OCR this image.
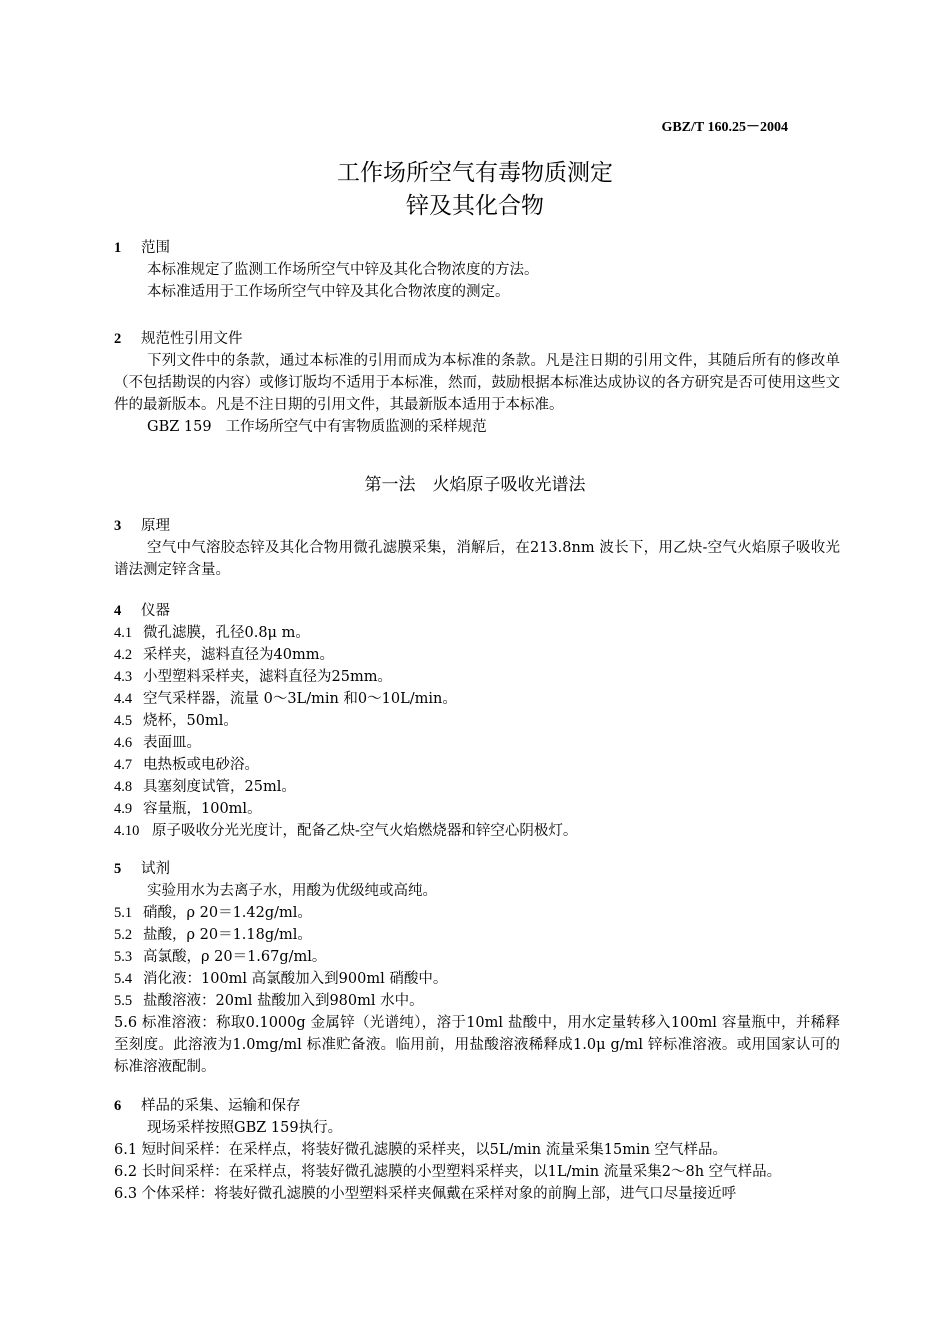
GBZ/T 160.25－2004
工作场所空气有毒物质测定
锌及其化合物
1	范围
本标准规定了监测工作场所空气中锌及其化合物浓度的方法。
本标准适用于工作场所空气中锌及其化合物浓度的测定。
2	规范性引用文件
下列文件中的条款，通过本标准的引用而成为本标准的条款。凡是注日期的引用文件，其随后所有的修改单（不包括勘误的内容）或修订版均不适用于本标准，然而，鼓励根据本标准达成协议的各方研究是否可使用这些文件的最新版本。凡是不注日期的引用文件，其最新版本适用于本标准。
GBZ 159 工作场所空气中有害物质监测的采样规范
第一法　火焰原子吸收光谱法
3	原理
空气中气溶胶态锌及其化合物用微孔滤膜采集，消解后，在213.8nm 波长下，用乙炔-空气火焰原子吸收光谱法测定锌含量。
4	仪器
4.1 微孔滤膜，孔径0.8μ m。
4.2 采样夹，滤料直径为40mm。
4.3 小型塑料采样夹，滤料直径为25mm。
4.4 空气采样器，流量 0～3L/min 和0～10L/min。
4.5 烧杯，50ml。
4.6 表面皿。
4.7 电热板或电砂浴。
4.8 具塞刻度试管，25ml。
4.9 容量瓶，100ml。
4.10 原子吸收分光光度计，配备乙炔-空气火焰燃烧器和锌空心阴极灯。
5	试剂
实验用水为去离子水，用酸为优级纯或高纯。
5.1 硝酸，ρ 20＝1.42g/ml。
5.2 盐酸，ρ 20＝1.18g/ml。
5.3 高氯酸，ρ 20＝1.67g/ml。
5.4 消化液：100ml 高氯酸加入到900ml 硝酸中。
5.5 盐酸溶液：20ml 盐酸加入到980ml 水中。
5.6 标准溶液：称取0.1000g 金属锌（光谱纯），溶于10ml 盐酸中，用水定量转移入100ml 容量瓶中，并稀释至刻度。此溶液为1.0mg/ml 标准贮备液。临用前，用盐酸溶液稀释成1.0μ g/ml 锌标准溶液。或用国家认可的标准溶液配制。
6	样品的采集、运输和保存
现场采样按照GBZ 159执行。
6.1 短时间采样：在采样点，将装好微孔滤膜的采样夹，以5L/min 流量采集15min 空气样品。
6.2 长时间采样：在采样点，将装好微孔滤膜的小型塑料采样夹，以1L/min 流量采集2～8h 空气样品。
6.3 个体采样：将装好微孔滤膜的小型塑料采样夹佩戴在采样对象的前胸上部，进气口尽量接近呼
